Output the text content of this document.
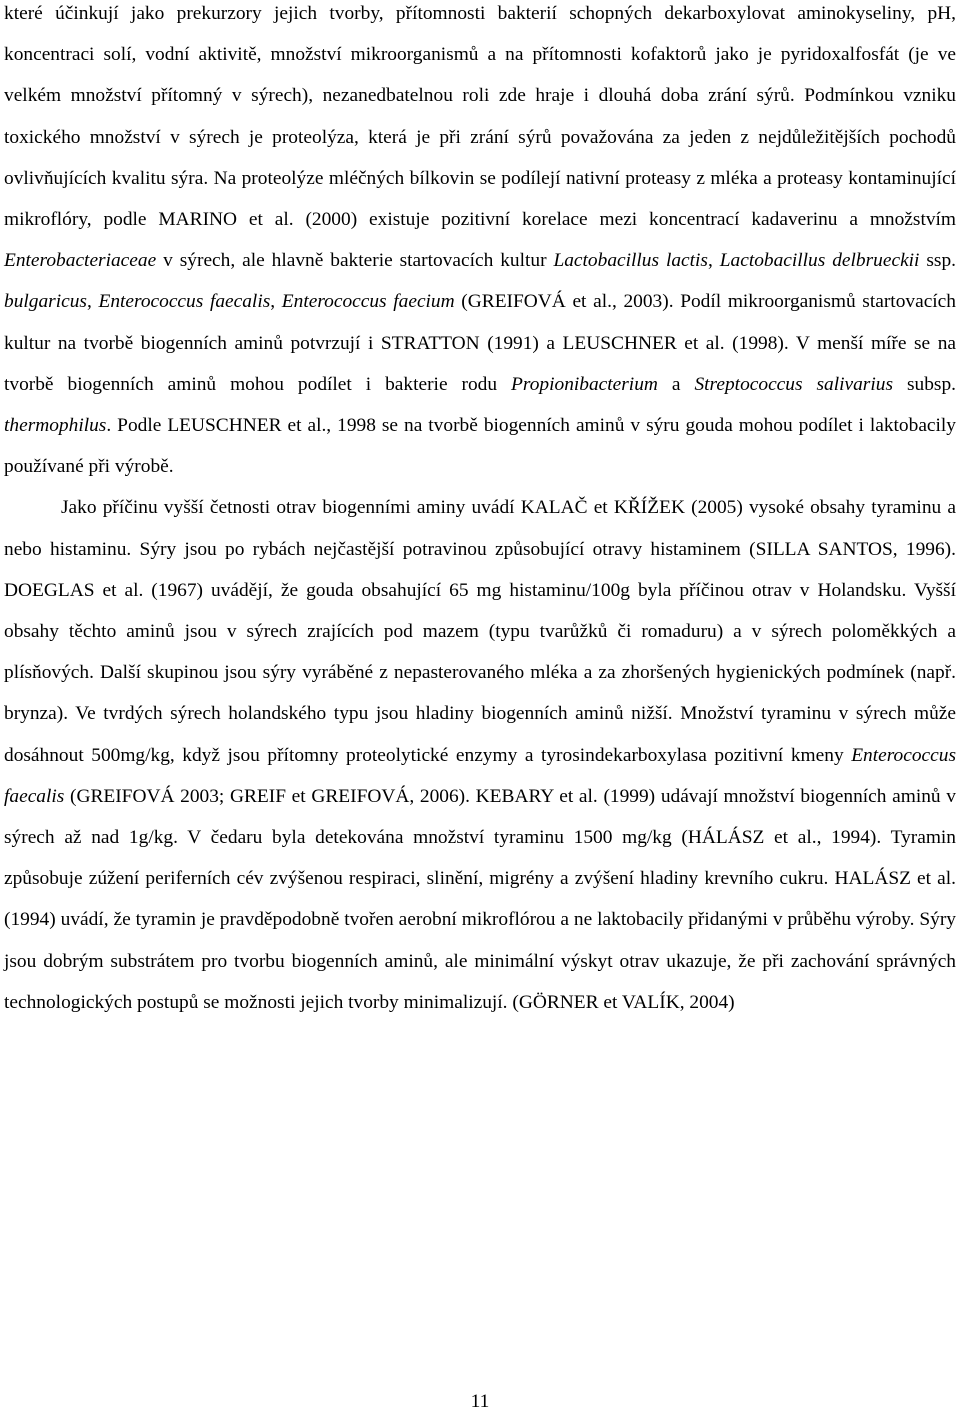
které účinkují jako prekurzory jejich tvorby, přítomnosti bakterií schopných dekarboxylovat aminokyseliny, pH, koncentraci solí, vodní aktivitě, množství mikroorganismů a na přítomnosti kofaktorů jako je pyridoxalfosfát (je ve velkém množství přítomný v sýrech), nezanedbatelnou roli zde hraje i dlouhá doba zrání sýrů. Podmínkou vzniku toxického množství v sýrech je proteolýza, která je při zrání sýrů považována za jeden z nejdůležitějších pochodů ovlivňujících kvalitu sýra. Na proteolýze mléčných bílkovin se podílejí nativní proteasy z mléka a proteasy kontaminující mikroflóry, podle MARINO et al. (2000) existuje pozitivní korelace mezi koncentrací kadaverinu a množstvím Enterobacteriaceae v sýrech, ale hlavně bakterie startovacích kultur Lactobacillus lactis, Lactobacillus delbrueckii ssp. bulgaricus, Enterococcus faecalis, Enterococcus faecium (GREIFOVÁ et al., 2003). Podíl mikroorganismů startovacích kultur na tvorbě biogenních aminů potvrzují i STRATTON (1991) a LEUSCHNER et al. (1998). V menší míře se na tvorbě biogenních aminů mohou podílet i bakterie rodu Propionibacterium a Streptococcus salivarius subsp. thermophilus. Podle LEUSCHNER et al., 1998 se na tvorbě biogenních aminů v sýru gouda mohou podílet i laktobacily používané při výrobě.

Jako příčinu vyšší četnosti otrav biogenními aminy uvádí KALAČ et KŘÍŽEK (2005) vysoké obsahy tyraminu a nebo histaminu. Sýry jsou po rybách nejčastější potravinou způsobující otravy histaminem (SILLA SANTOS, 1996). DOEGLAS et al. (1967) uvádějí, že gouda obsahující 65 mg histaminu/100g byla příčinou otrav v Holandsku. Vyšší obsahy těchto aminů jsou v sýrech zrajících pod mazem (typu tvarůžků či romaduru) a v sýrech poloměkkých a plísňových. Další skupinou jsou sýry vyráběné z nepasterovaného mléka a za zhoršených hygienických podmínek (např. brynza). Ve tvrdých sýrech holandského typu jsou hladiny biogenních aminů nižší. Množství tyraminu v sýrech může dosáhnout 500mg/kg, když jsou přítomny proteolytické enzymy a tyrosindekarboxylasa pozitivní kmeny Enterococcus faecalis (GREIFOVÁ 2003; GREIF et GREIFOVÁ, 2006). KEBARY et al. (1999) udávají množství biogenních aminů v sýrech až nad 1g/kg. V čedaru byla detekována množství tyraminu 1500 mg/kg (HÁLÁSZ et al., 1994). Tyramin způsobuje zúžení periferních cév zvýšenou respiraci, slinění, migrény a zvýšení hladiny krevního cukru. HALÁSZ et al. (1994) uvádí, že tyramin je pravděpodobně tvořen aerobní mikroflórou a ne laktobacily přidanými v průběhu výroby. Sýry jsou dobrým substrátem pro tvorbu biogenních aminů, ale minimální výskyt otrav ukazuje, že při zachování správných technologických postupů se možnosti jejich tvorby minimalizují. (GÖRNER et VALÍK, 2004)

11
